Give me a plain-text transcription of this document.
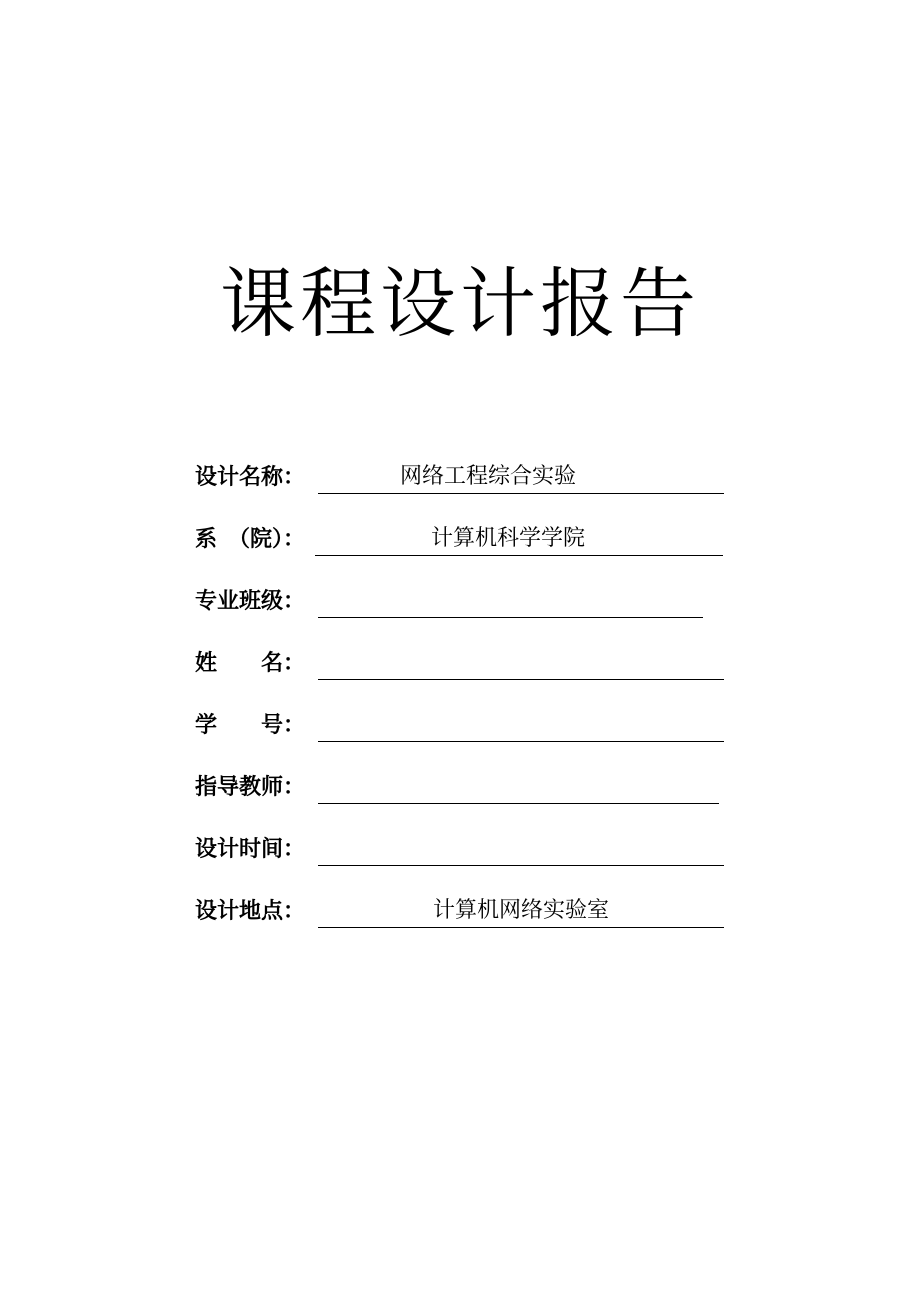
课程设计报告
设计名称：	网络工程综合实验
系　（院）：	计算机科学学院
专业班级：
姓　　名：
学　　号：
指导教师：
设计时间：
设计地点：	计算机网络实验室
